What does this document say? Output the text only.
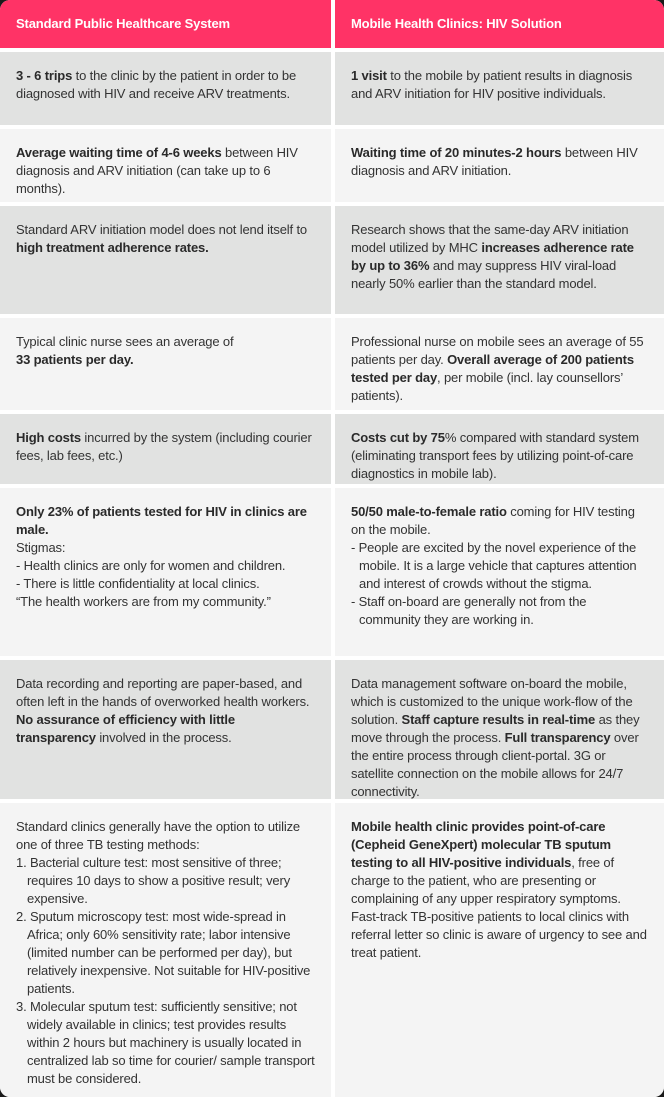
Standard Public Healthcare System	Mobile Health Clinics: HIV Solution
3 - 6 trips to the clinic by the patient in order to be diagnosed with HIV and receive ARV treatments.
1 visit to the mobile by patient results in diagnosis and ARV initiation for HIV positive individuals.
Average waiting time of 4-6 weeks between HIV diagnosis and ARV initiation (can take up to 6 months).
Waiting time of 20 minutes-2 hours between HIV diagnosis and ARV initiation.
Standard ARV initiation model does not lend itself to high treatment adherence rates.
Research shows that the same-day ARV initiation model utilized by MHC increases adherence rate by up to 36% and may suppress HIV viral-load nearly 50% earlier than the standard model.
Typical clinic nurse sees an average of
33 patients per day.
Professional nurse on mobile sees an average of 55 patients per day. Overall average of 200 patients tested per day, per mobile (incl. lay counsellors’ patients).
High costs incurred by the system (including courier fees, lab fees, etc.)
Costs cut by 75% compared with standard system (eliminating transport fees by utilizing point-of-care diagnostics in mobile lab).
Only 23% of patients tested for HIV in clinics are male.
Stigmas:
- Health clinics are only for women and children.
- There is little confidentiality at local clinics.
“The health workers are from my community.”
50/50 male-to-female ratio coming for HIV testing on the mobile.
- People are excited by the novel experience of the mobile. It is a large vehicle that captures attention and interest of crowds without the stigma.
- Staff on-board are generally not from the community they are working in.
Data recording and reporting are paper-based, and often left in the hands of overworked health workers. No assurance of efficiency with little transparency involved in the process.
Data management software on-board the mobile, which is customized to the unique work-flow of the solution. Staff capture results in real-time as they move through the process. Full transparency over the entire process through client-portal. 3G or satellite connection on the mobile allows for 24/7 connectivity.
Standard clinics generally have the option to utilize one of three TB testing methods:
1. Bacterial culture test: most sensitive of three; requires 10 days to show a positive result; very expensive.
2. Sputum microscopy test: most wide-spread in Africa; only 60% sensitivity rate; labor intensive (limited number can be performed per day), but relatively inexpensive. Not suitable for HIV-positive patients.
3. Molecular sputum test: sufficiently sensitive; not widely available in clinics; test provides results within 2 hours but machinery is usually located in centralized lab so time for courier/ sample transport must be considered.
Mobile health clinic provides point-of-care (Cepheid GeneXpert) molecular TB sputum testing to all HIV-positive individuals, free of charge to the patient, who are presenting or complaining of any upper respiratory symptoms. Fast-track TB-positive patients to local clinics with referral letter so clinic is aware of urgency to see and treat patient.
